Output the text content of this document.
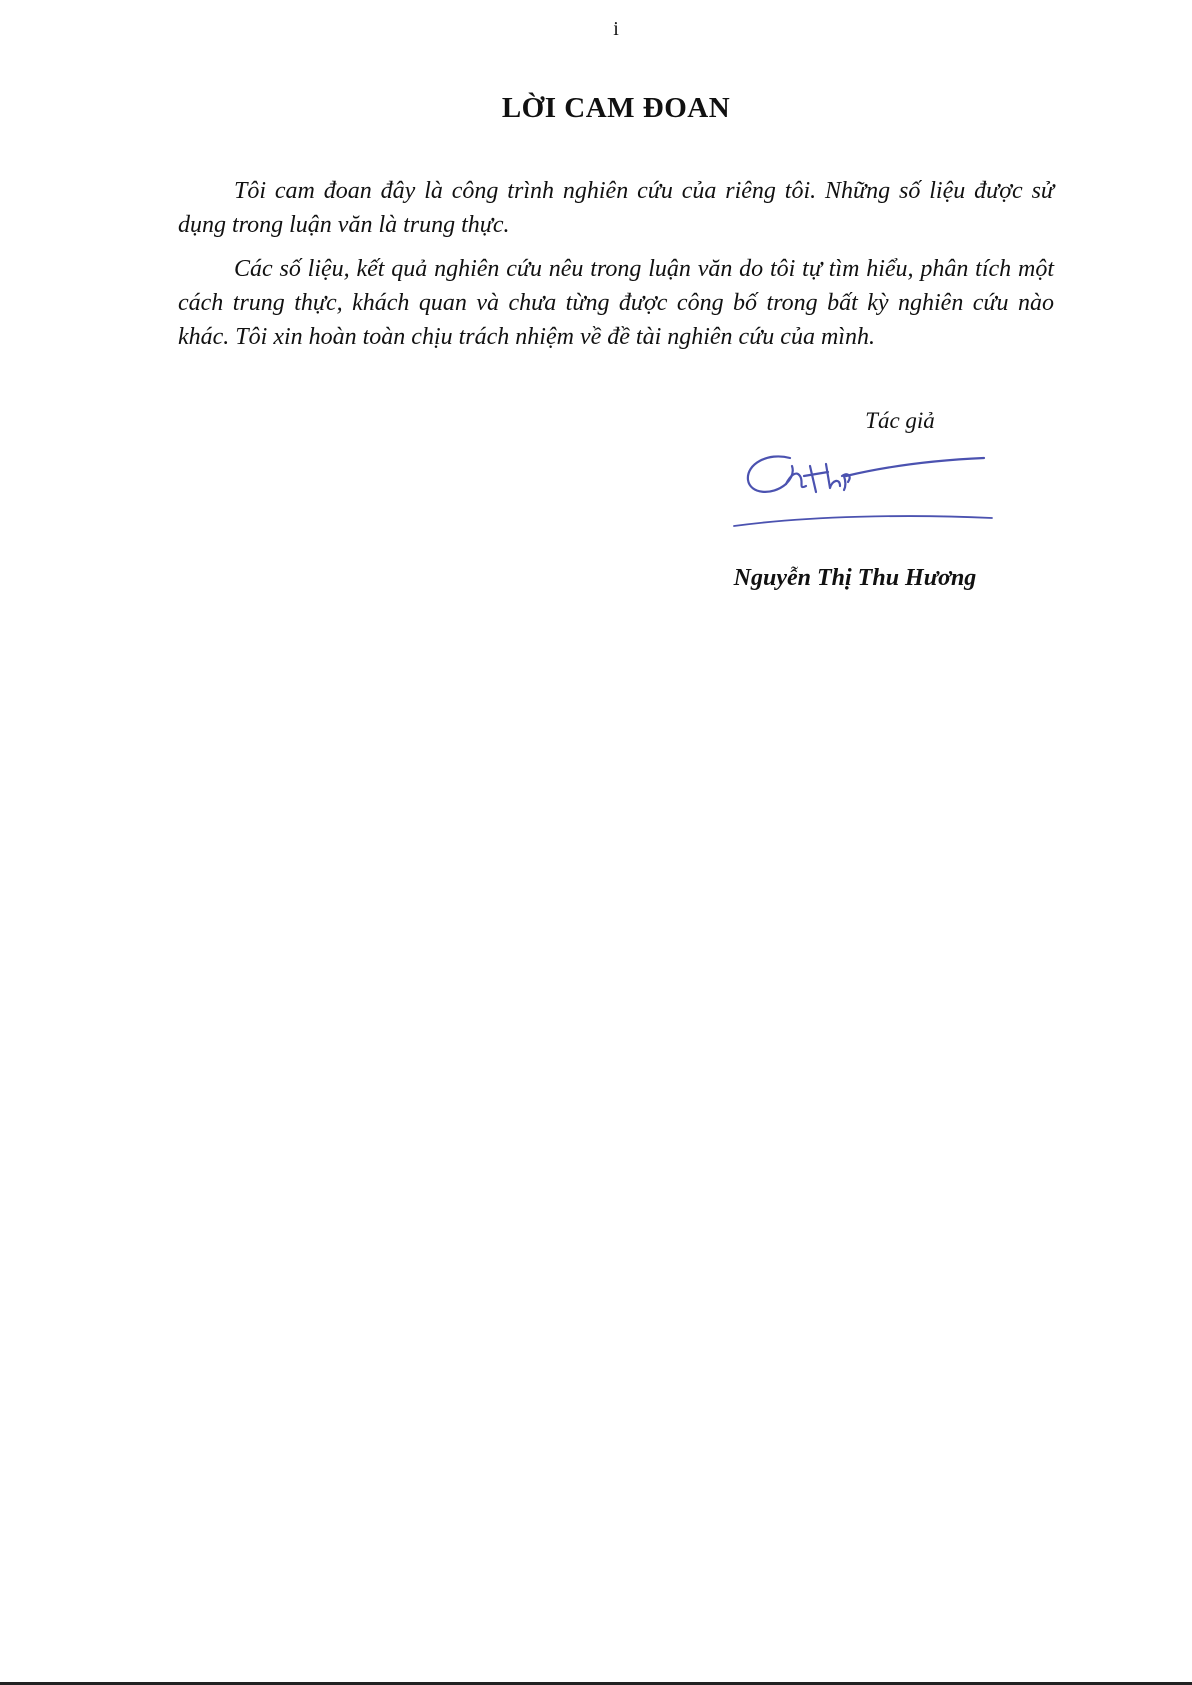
i
LỜI CAM ĐOAN

Tôi cam đoan đây là công trình nghiên cứu của riêng tôi. Những số liệu được sử dụng trong luận văn là trung thực.

Các số liệu, kết quả nghiên cứu nêu trong luận văn do tôi tự tìm hiểu, phân tích một cách trung thực, khách quan và chưa từng được công bố trong bất kỳ nghiên cứu nào khác. Tôi xin hoàn toàn chịu trách nhiệm về đề tài nghiên cứu của mình.

Tác giả
Nguyễn Thị Thu Hương
